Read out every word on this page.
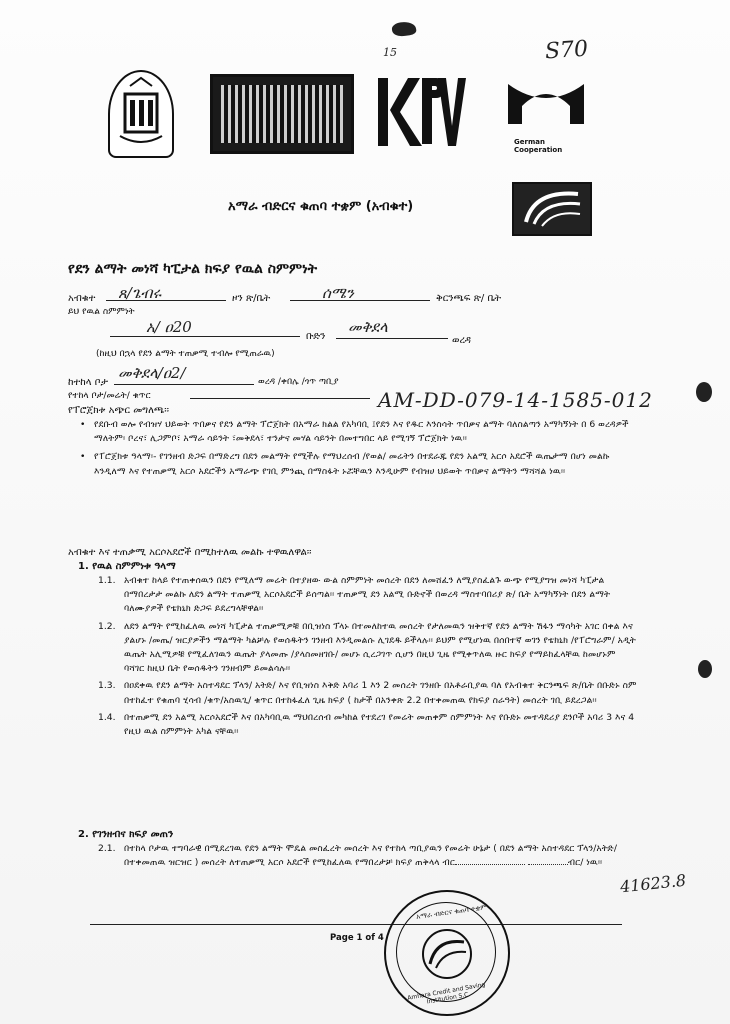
15	S70
German Cooperation
አማራ ብድርና ቁጠባ ተቋም (አብቁተ)
የደን ልማት መነሻ ካፒታል ክፍያ የዉል ስምምነት
አብቁተ ጸ/ጌብሩ	ዞን ጽ/ቤት	ሰሜን	ቅርንጫፍ ጽ/ ቤት
ይህ የዉል ስምምነት
አ/ ዐ20
ቡድን
መቅደላ
ወረዳ
(ከዚህ በኋላ የደን ልማት ተጠቃሚ ተብሎ የሚጠራዉ)
ከተከላ ቦታ
መቅደላ/ዐ2/	ወረዳ /ቀበሌ /ጎጥ ጣቢያ
የተከላ ቦታ/መሬት/ ቁጥር	AM-DD-079-14-1585-012
የፐሮጀክቱ አጭር መግለጫ፡፡

• የደቡብ ወሎ የብዝሃ ህይወት ጥበቃና የደን ልማት ፕሮጀክት በአማራ ክልል የአካባቢ ፤የደን እና የዱር እንስሳት ጥበቃና ልማት ባለስልጣን አማካኝነት በ 6 ወረዳዎች ማለትም፡ ቦረና፣ ሊጋምቦ፣ አማራ ሳይንት ፣መቅደላ፣ ተንታና መሃል ሳይንት በመተግበር ላይ የሚገኝ ፕሮጀክት ነዉ፡፡

• የፐሮጀክቱ ዓላማ፡- የገንዘብ ድጋፍ በማድረግ በደን መልማት የሚችሉ የማህረሰብ /የወል/ መሬትን በተደራጁ የደን አልሚ አርሶ አደሮች ዉጤታማ በሆነ መልኩ እንዲለማ እና የተጠቃሚ አርሶ አደሮችን አማራጭ የገቢ ምንጪ በማስፋት ኑሯቸዉን እንዲሁም የብዝሀ ህይወት ጥበቃና ልማትን ማሻሻል ነዉ፡፡

አብቁተ እና ተጠቃሚ አርሶአደሮች በሚከተለዉ መልኩ ተዋዉለዋል፡፡
1. የዉል ስምምነቱ ዓላማ

1.1. አብቁተ ከላይ የተጠቀሰዉን በደን የሚለማ መሬት በተያዘው ውል ስምምነት መሰረት በደን ለመሸፈን ለሚያስፈልጉ ውጭ የሚያግዝ መነሻ ካፒታል በማበረታታ መልኩ ለደን ልማት ተጠቃሚ አርሶአደሮች ይሰጣል፡፡ ተጠቃሚ ደን አልሚ ቡድኖች በወረዳ ማስተባበሪያ ጽ/ ቤት አማካኝነት በደን ልማት ባለሙያዎች የቴክኒክ ድጋፍ ይደረግላቸዋል፡፡

1.2. ለደን ልማት የሚከፈለዉ መነሻ ካፒታል ተጠቃሚዎቹ በቢዝነስ ፕላኑ በተመለከተዉ መሰረት የታለመዉን ዝቅተኛ የደን ልማት ሽፋን ማሳካት አገር በቀል እና ያልሆኑ /መጤ/ ዝርያዎችን ማልማት ካልቻሉ የወሰዱትን ገንዘብ እንዲመልሱ ሊገደዱ ይችላሉ፡፡ ይህም የሚሆነዉ በሰበተኛ ወገን የቴክኒክ /የፐሮግራም/ አዲት ዉጤት አሊሚዎቹ የሚፈለገዉን ዉጤት ያላመጡ /ያላስመዘገቡ/ መሆኑ ሲረጋገጥ ሲሆን በዚህ ጊዜ የሚቀጥለዉ ዙር ክፍያ የማይከፈላቸዉ ከመሆኑም ባሻገር ከዚህ ቤት የወሰዱትን ገንዘብም ይመልሳሉ፡፡

1.3. በዐደቀዉ የደን ልማት አስተዳደር ፕላን/ አትድ/ እና የቢዝነስ እቅድ አባሪ 1 እን 2 መሰረት ገንዘቡ በአቶራቢያዉ ባለ የአብቁተ ቅርንጫፍ ጽ/ቤት በቡድኑ ስም በተከፈተ የቁጠባ ሂሳብ /ቁጥ/አስዉጊ/ ቁጥር በተከፋፈለ ጊዜ ክፍያ ( ከታች በአንቀጽ 2.2 በተቀመጠዉ የክፍያ ስራዓት) መሰረት ገቢ ይደረጋል፡፡

1.4. በተጠቃሚ ደን አልሚ አርሶአደሮች እና በአካባቢዉ ማህበረሰብ መካከል የተደረገ የመሬት መጠቀም ስምምነት እና የቡድኑ መተዳደሪያ ደንቦች አባሪ 3 እና 4 የዚህ ዉል ስምምነት አካል ናቸዉ፡፡

2. የገንዘብና ክፍያ መጠን

2.1. በተከላ ቦታዉ ተግባራዊ በሚደረገዉ የደን ልማት ሞዴል መስፈረት መሰረት እና የተከላ ጣቢያዉን የመሬት ሁኔታ ( በደን ልማት አስተዳደር ፕላን/አትድ/ በተቀመጠዉ ዝርዝር ) መሰረት ለተጠቃሚ አርሶ አደሮች የሚከፈለዉ የማበረታቻ ክፍያ ጠቅላላ ብር	ብር/ ነዉ፡፡

41623.8
Page 1 of 4
አማራ ብድርና ቁጠባ ተቋም
Amhara Credit and Saving Institution S.C
